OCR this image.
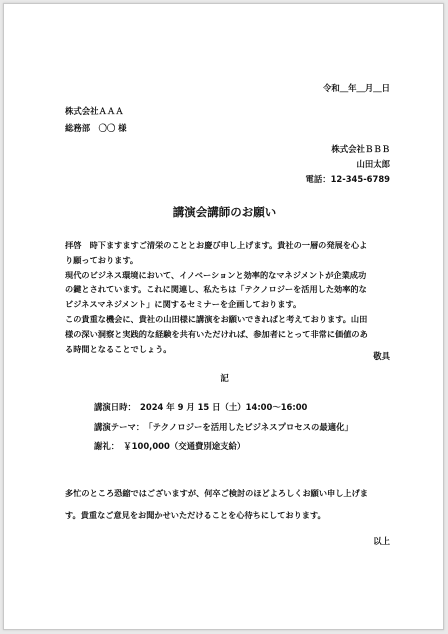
令和＿年＿月＿日
株式会社ＡＡＡ
総務部　〇〇 様
株式会社ＢＢＢ
山田太郎
電話：12-345-6789
講演会講師のお願い
拝啓　時下ますますご清栄のこととお慶び申し上げます。貴社の一層の発展を心よ
り願っております。
現代のビジネス環境において、イノベーションと効率的なマネジメントが企業成功
の鍵とされています。これに関連し、私たちは「テクノロジーを活用した効率的な
ビジネスマネジメント」に関するセミナーを企画しております。
この貴重な機会に、貴社の山田様に講演をお願いできればと考えております。山田
様の深い洞察と実践的な経験を共有いただければ、参加者にとって非常に価値のあ
る時間となることでしょう。
敬具
記
講演日時：　2024 年 9 月 15 日（土）14:00～16:00
講演テーマ：　「テクノロジーを活用したビジネスプロセスの最適化」
謝礼：　￥100,000（交通費別途支給）
多忙のところ恐縮ではございますが、何卒ご検討のほどよろしくお願い申し上げま
す。貴重なご意見をお聞かせいただけることを心待ちにしております。
以上
